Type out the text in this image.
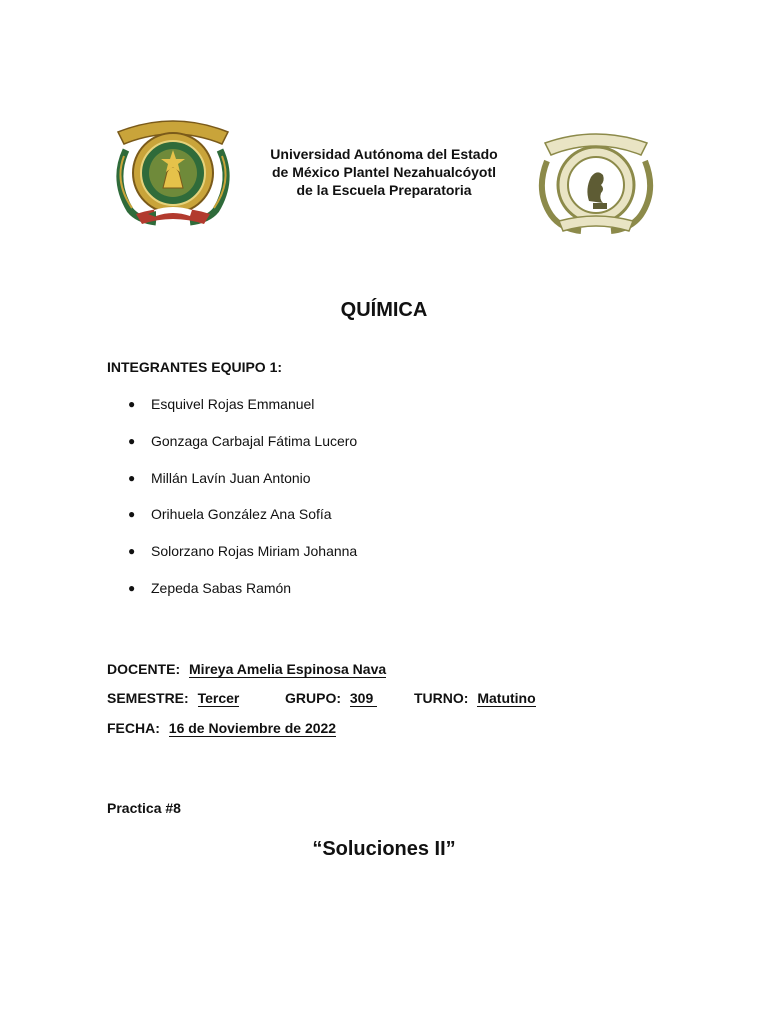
Universidad Autónoma del Estado
de México Plantel Nezahualcóyotl
de la Escuela Preparatoria
QUÍMICA
INTEGRANTES EQUIPO 1:
●	Esquivel Rojas Emmanuel
●	Gonzaga Carbajal Fátima Lucero
●	Millán Lavín Juan Antonio
●	Orihuela González Ana Sofía
●	Solorzano Rojas Miriam Johanna
●	Zepeda Sabas Ramón
DOCENTE: Mireya Amelia Espinosa Nava
SEMESTRE: Tercer	GRUPO: 309	TURNO: Matutino
FECHA: 16 de Noviembre de 2022
Practica #8
“Soluciones II”
